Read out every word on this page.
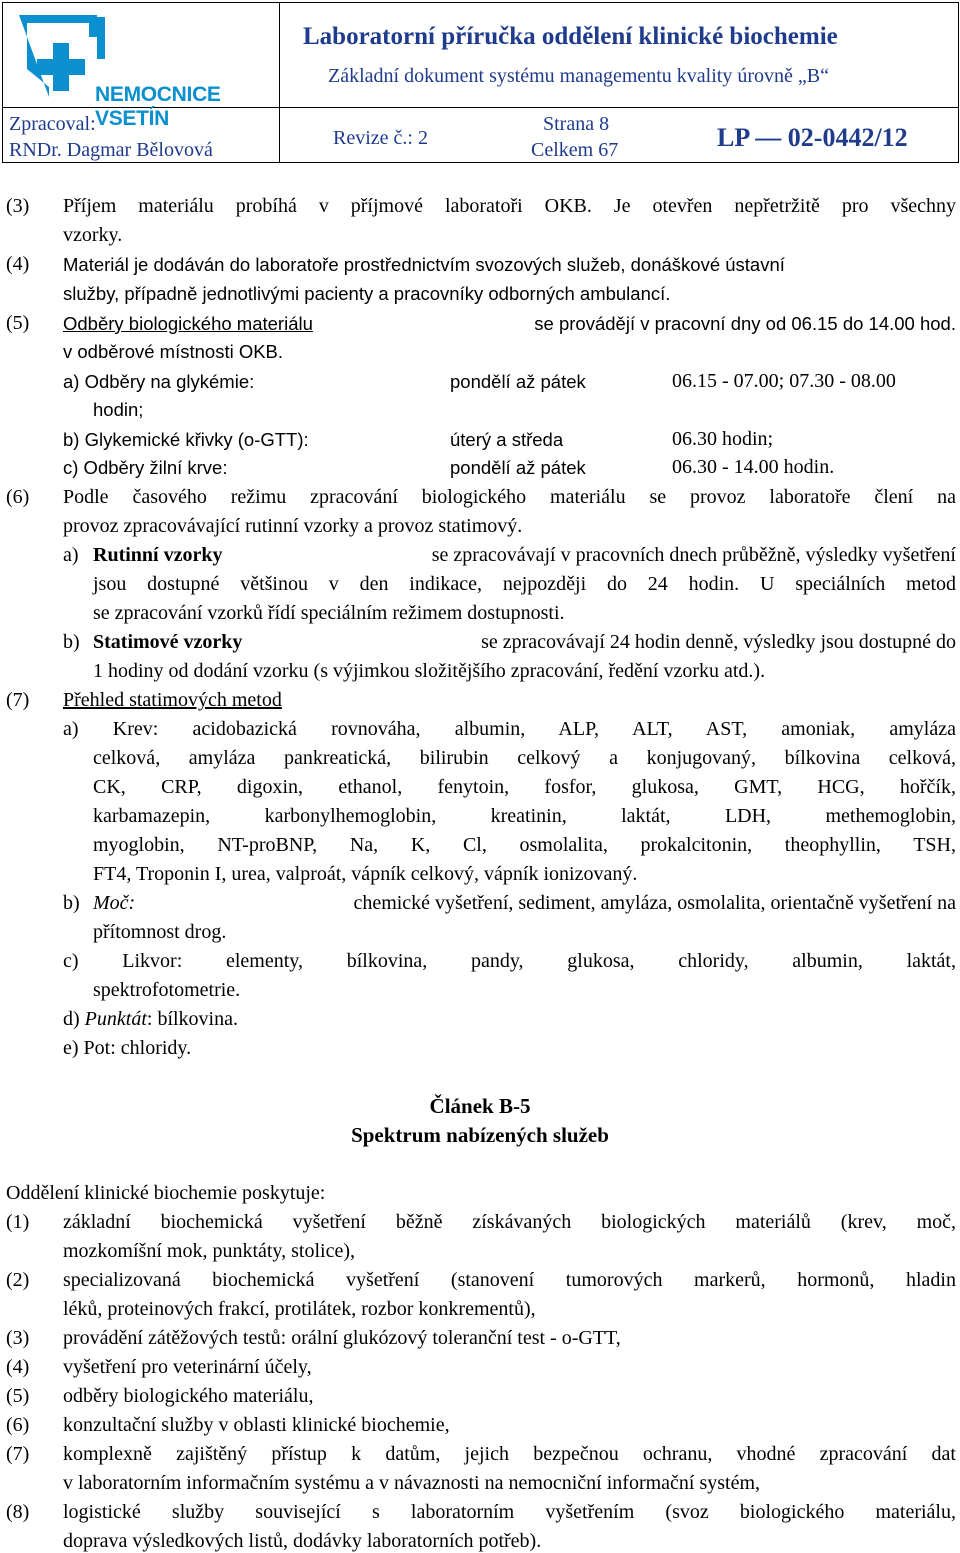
NEMOCNICE VSETÍN
Laboratorní příručka oddělení klinické biochemie
Základní dokument systému managementu kvality úrovně „B“
Zpracoval:
RNDr. Dagmar Bělovová
Revize č.: 2
Strana 8
Celkem 67	LP — 02-0442/12
(3) Příjem materiálu probíhá v příjmové laboratoři OKB. Je otevřen nepřetržitě pro všechny
vzorky.
(4) Materiál je dodáván do laboratoře prostřednictvím svozových služeb, donáškové ústavní
služby, případně jednotlivými pacienty a pracovníky odborných ambulancí.
(5) Odběry biologického materiálu	se provádějí v pracovní dny od 06.15 do 14.00 hod.
v odběrové místnosti OKB.
a) Odběry na glykémie:	pondělí až pátek	06.15 - 07.00; 07.30 - 08.00
hodin;
b) Glykemické křivky (o-GTT):	úterý a středa	06.30 hodin;
c) Odběry žilní krve:	pondělí až pátek	06.30 - 14.00 hodin.
(6) Podle časového režimu zpracování biologického materiálu se provoz laboratoře člení na
provoz zpracovávající rutinní vzorky a provoz statimový.
a) Rutinní vzorky	se zpracovávají v pracovních dnech průběžně, výsledky vyšetření
jsou dostupné většinou v den indikace, nejpozději do 24 hodin. U speciálních metod
se zpracování vzorků řídí speciálním režimem dostupnosti.
b) Statimové vzorky	se zpracovávají 24 hodin denně, výsledky jsou dostupné do
1 hodiny od dodání vzorku (s výjimkou složitějšího zpracování, ředění vzorku atd.).
(7) Přehled statimových metod
a) Krev: acidobazická rovnováha, albumin, ALP, ALT, AST, amoniak, amyláza
celková, amyláza pankreatická, bilirubin celkový a konjugovaný, bílkovina celková,
CK, CRP, digoxin, ethanol, fenytoin, fosfor, glukosa, GMT, HCG, hořčík,
karbamazepin, karbonylhemoglobin, kreatinin, laktát, LDH, methemoglobin,
myoglobin, NT-proBNP, Na, K, Cl, osmolalita, prokalcitonin, theophyllin, TSH,
FT4, Troponin I, urea, valproát, vápník celkový, vápník ionizovaný.
b) Moč:	chemické vyšetření, sediment, amyláza, osmolalita, orientačně vyšetření na
přítomnost drog.
c) Likvor: elementy, bílkovina, pandy, glukosa, chloridy, albumin, laktát,
spektrofotometrie.
d) Punktát: bílkovina.
e) Pot: chloridy.
Článek B-5
Spektrum nabízených služeb
Oddělení klinické biochemie poskytuje:
(1) základní biochemická vyšetření běžně získávaných biologických materiálů (krev, moč,
mozkomíšní mok, punktáty, stolice),
(2) specializovaná biochemická vyšetření (stanovení tumorových markerů, hormonů, hladin
léků, proteinových frakcí, protilátek, rozbor konkrementů),
(3) provádění zátěžových testů: orální glukózový toleranční test - o-GTT,
(4) vyšetření pro veterinární účely,
(5) odběry biologického materiálu,
(6) konzultační služby v oblasti klinické biochemie,
(7) komplexně zajištěný přístup k datům, jejich bezpečnou ochranu, vhodné zpracování dat
v laboratorním informačním systému a v návaznosti na nemocniční informační systém,
(8) logistické služby související s laboratorním vyšetřením (svoz biologického materiálu,
doprava výsledkových listů, dodávky laboratorních potřeb).
